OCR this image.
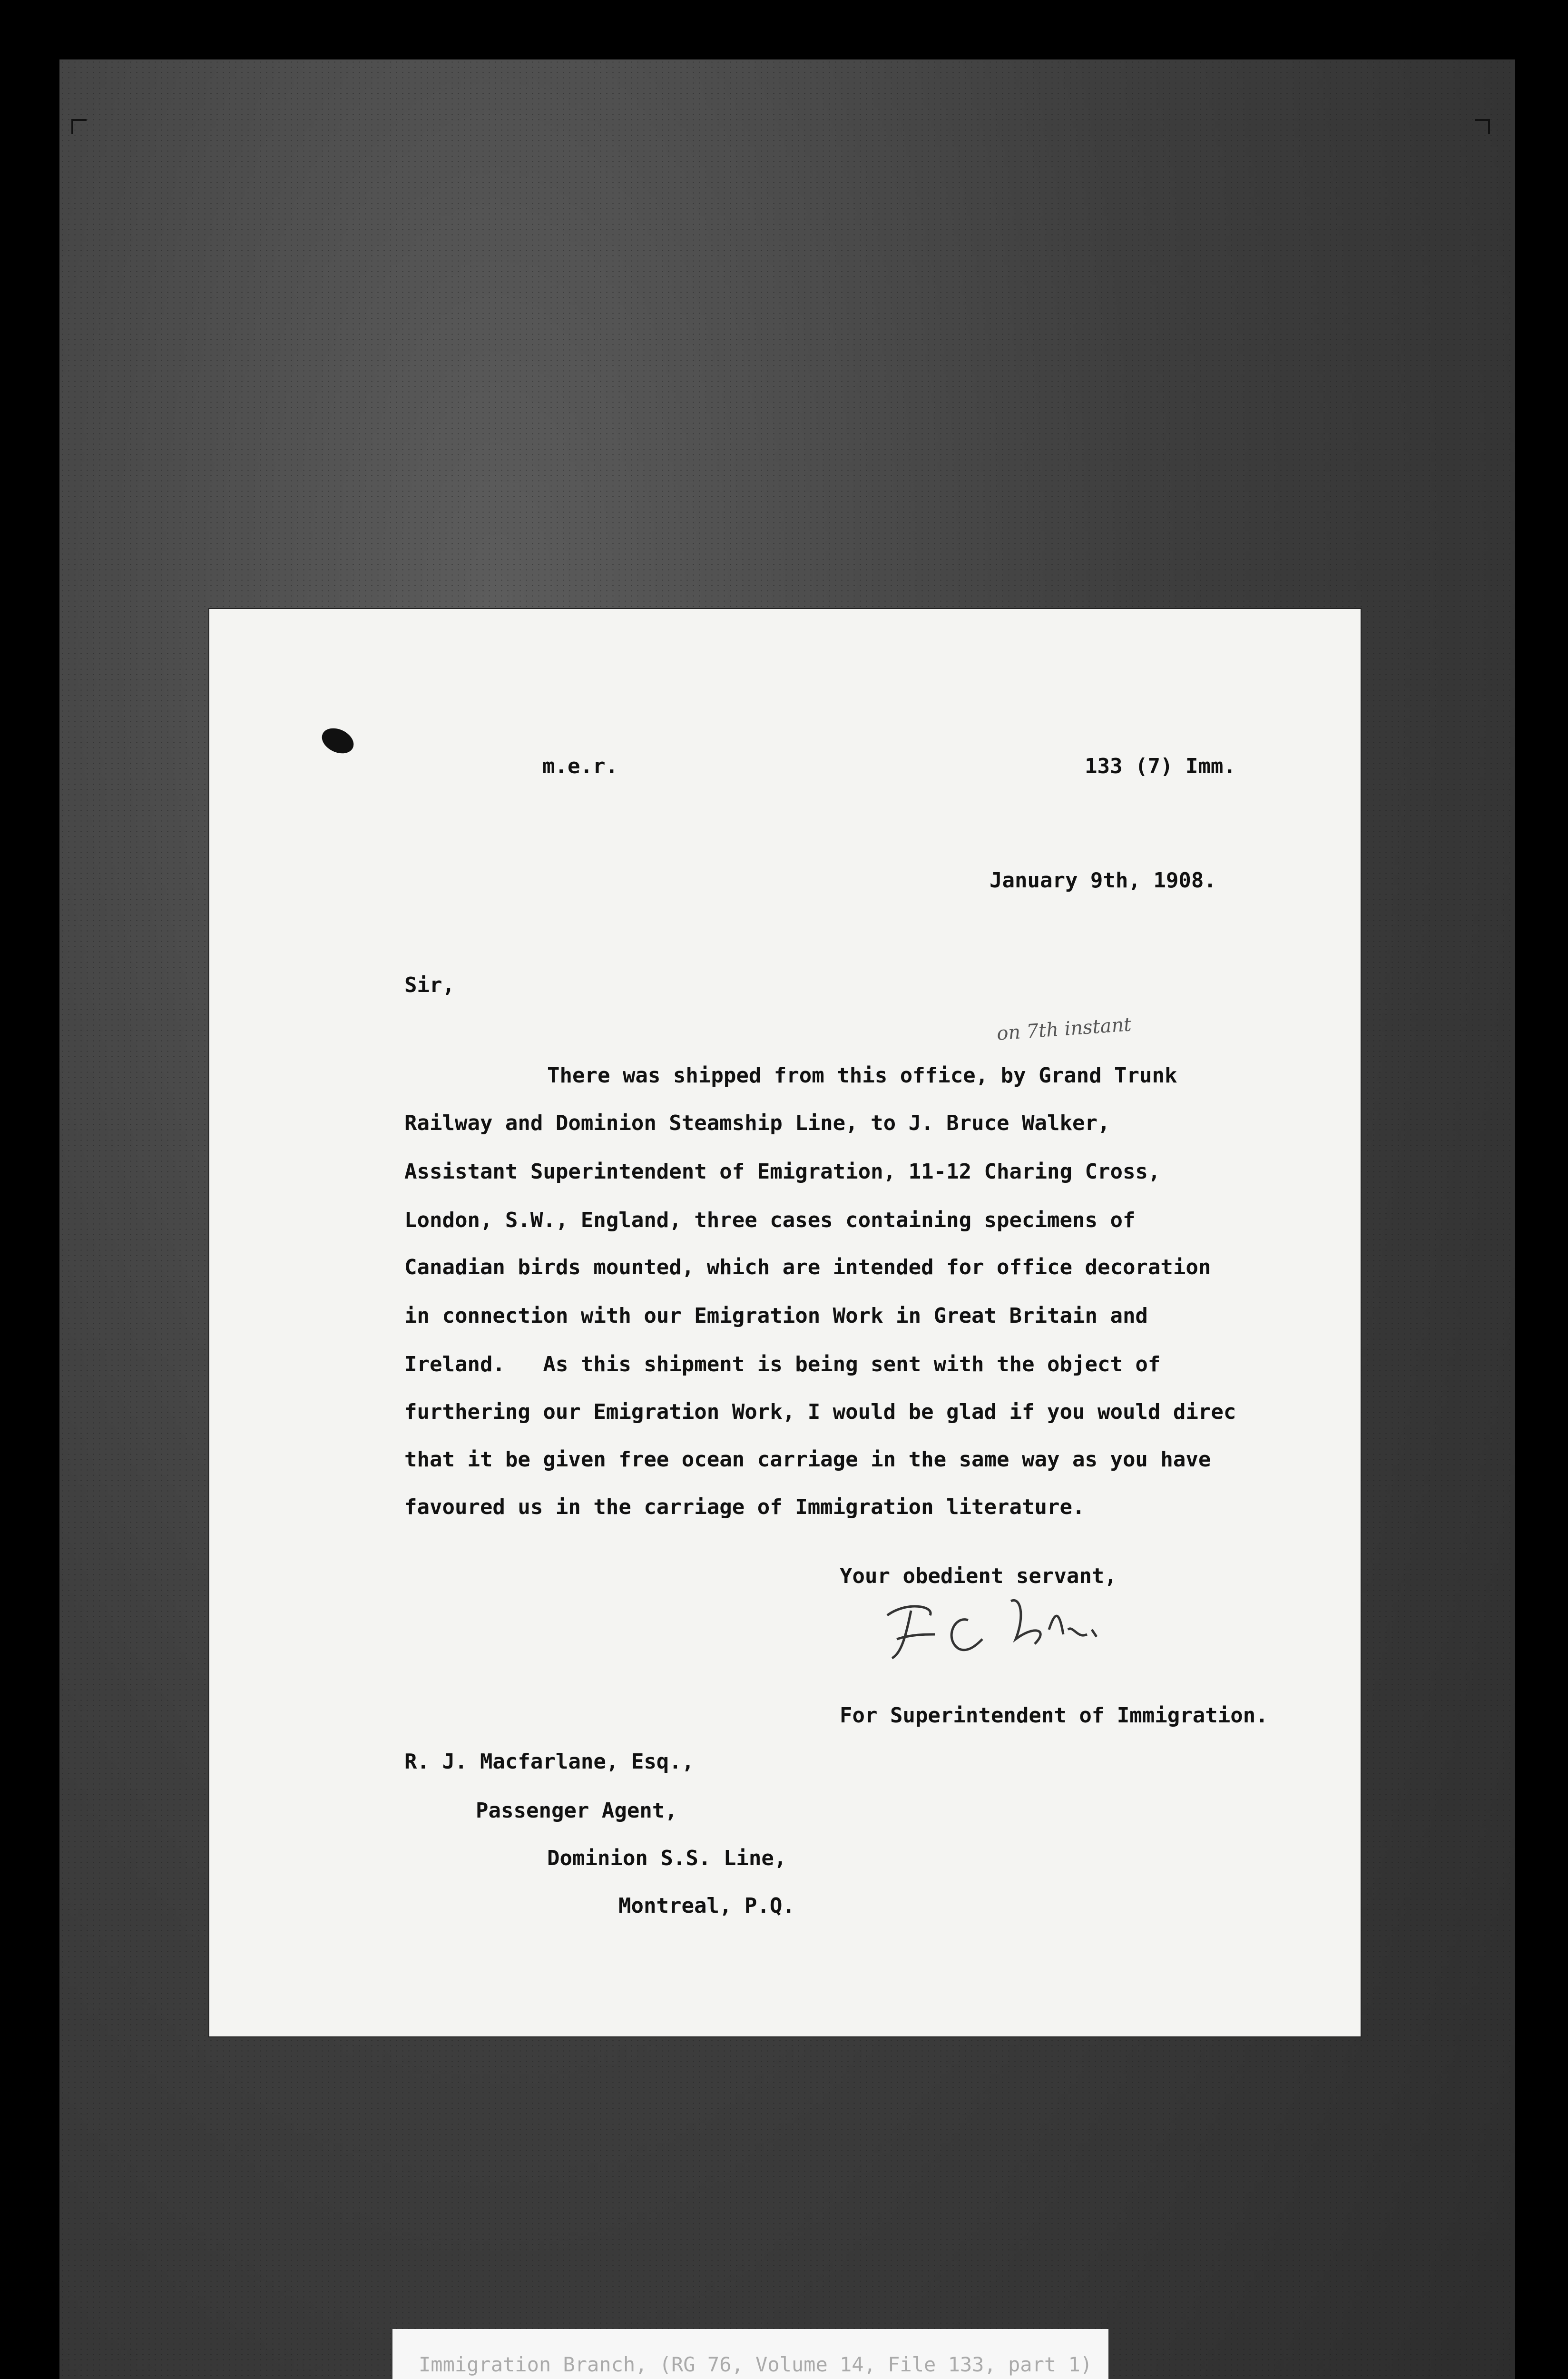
m.e.r.	133 (7) Imm.
January 9th, 1908.
Sir,
on 7th instant
There was shipped from this office, by Grand Trunk
Railway and Dominion Steamship Line, to J. Bruce Walker,
Assistant Superintendent of Emigration, 11-12 Charing Cross,
London, S.W., England, three cases containing specimens of
Canadian birds mounted, which are intended for office decoration
in connection with our Emigration Work in Great Britain and
Ireland.   As this shipment is being sent with the object of
furthering our Emigration Work, I would be glad if you would direc
that it be given free ocean carriage in the same way as you have
favoured us in the carriage of Immigration literature.
Your obedient servant,
For Superintendent of Immigration.
R. J. Macfarlane, Esq.,
Passenger Agent,
Dominion S.S. Line,
Montreal, P.Q.
Immigration Branch, (RG 76, Volume 14, File 133, part 1)
